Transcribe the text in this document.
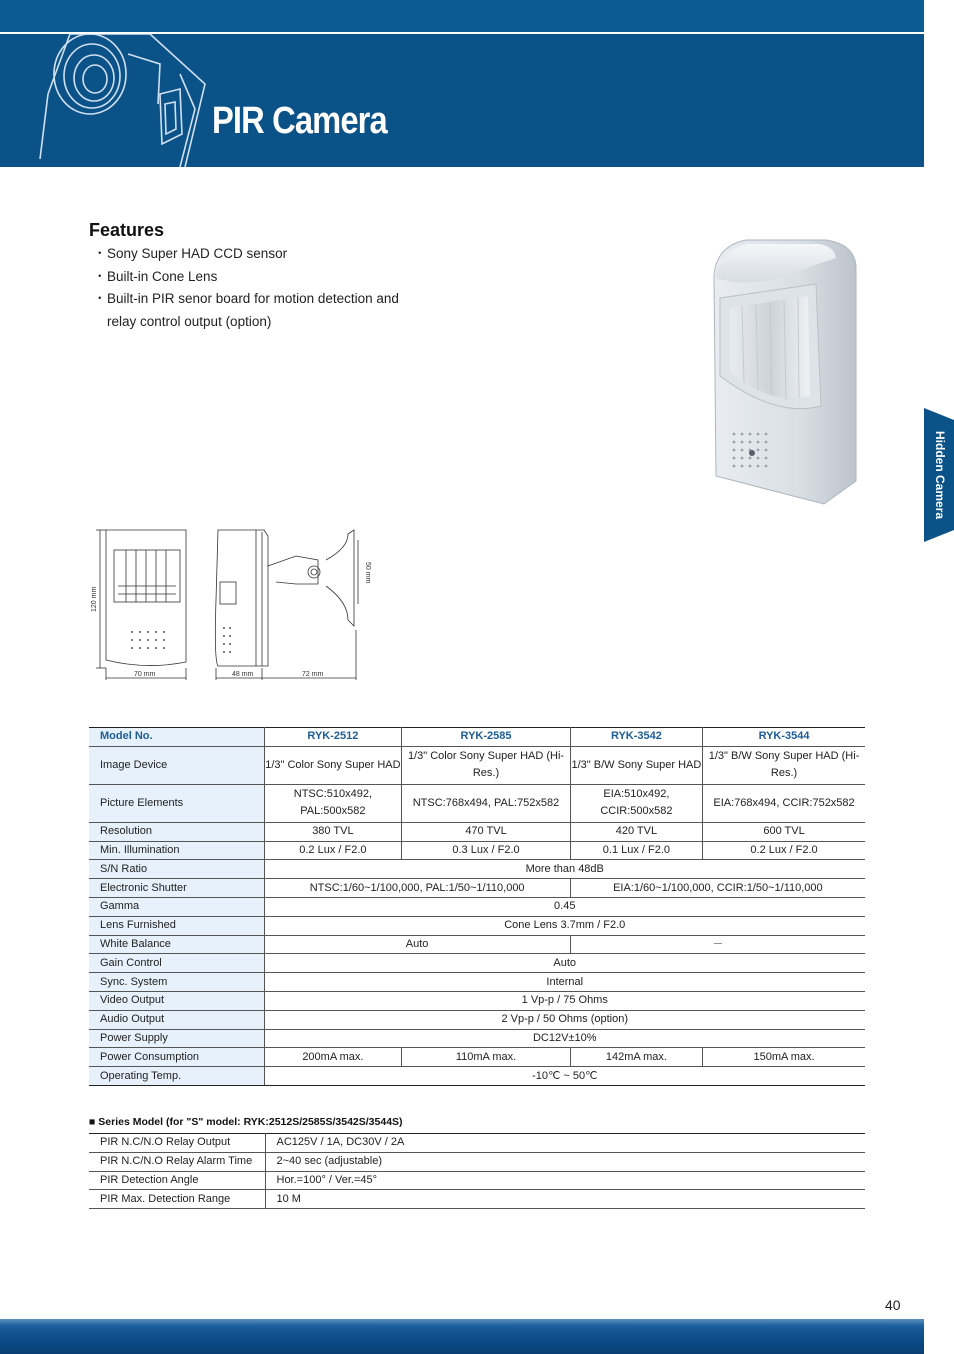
PIR Camera
Hidden Camera
Features
・ Sony Super HAD CCD sensor
・ Built-in Cone Lens
・ Built-in PIR senor board for motion detection and relay control output (option)
120 mm
70 mm	48 mm	72 mm
50 mm
Model No.	RYK-2512	RYK-2585	RYK-3542	RYK-3544
Image Device	1/3" Color Sony Super HAD	1/3" Color Sony Super HAD (Hi-Res.)	1/3" B/W Sony Super HAD	1/3" B/W Sony Super HAD (Hi-Res.)
Picture Elements	NTSC:510x492, PAL:500x582	NTSC:768x494, PAL:752x582	EIA:510x492, CCIR:500x582	EIA:768x494, CCIR:752x582
Resolution	380 TVL	470 TVL	420 TVL	600 TVL
Min. Illumination	0.2 Lux / F2.0	0.3 Lux / F2.0	0.1 Lux / F2.0	0.2 Lux / F2.0
S/N Ratio	More than 48dB			
Electronic Shutter	NTSC:1/60~1/100,000, PAL:1/50~1/110,000		EIA:1/60~1/100,000, CCIR:1/50~1/110,000	
Gamma	0.45			
Lens Furnished	Cone Lens 3.7mm / F2.0			
White Balance	Auto		－	
Gain Control	Auto			
Sync. System	Internal			
Video Output	1 Vp-p / 75 Ohms			
Audio Output	2 Vp-p / 50 Ohms (option)			
Power Supply	DC12V±10%			
Power Consumption	200mA max.	110mA max.	142mA max.	150mA max.
Operating Temp.	-10℃ ~ 50℃			
■ Series Model (for "S" model: RYK:2512S/2585S/3542S/3544S)
PIR N.C/N.O Relay Output	AC125V / 1A, DC30V / 2A
PIR N.C/N.O Relay Alarm Time	2~40 sec (adjustable)
PIR Detection Angle	Hor.=100° / Ver.=45°
PIR Max. Detection Range	10 M
40
